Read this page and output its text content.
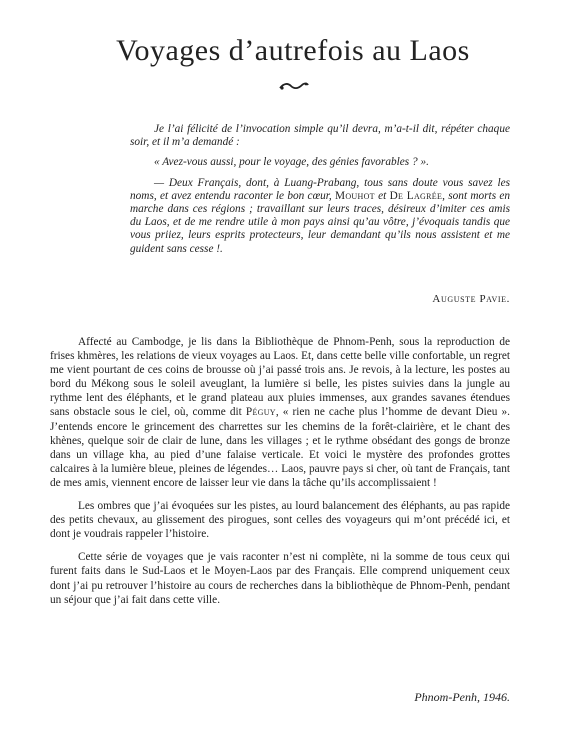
Voyages d’autrefois au Laos

Je l’ai félicité de l’invocation simple qu’il devra, m’a-t-il dit, répéter chaque soir, et il m’a demandé :

« Avez-vous aussi, pour le voyage, des génies favorables ? ».

— Deux Français, dont, à Luang-Prabang, tous sans doute vous savez les noms, et avez entendu raconter le bon cœur, Mouhot et De Lagrée, sont morts en marche dans ces régions ; travaillant sur leurs traces, désireux d’imiter ces amis du Laos, et de me rendre utile à mon pays ainsi qu’au vôtre, j’évoquais tandis que vous priiez, leurs esprits protecteurs, leur demandant qu’ils nous assistent et me guident sans cesse !.

Auguste Pavie.

Affecté au Cambodge, je lis dans la Bibliothèque de Phnom-Penh, sous la reproduction de frises khmères, les relations de vieux voyages au Laos. Et, dans cette belle ville confortable, un regret me vient pourtant de ces coins de brousse où j’ai passé trois ans. Je revois, à la lecture, les postes au bord du Mékong sous le soleil aveuglant, la lumière si belle, les pistes suivies dans la jungle au rythme lent des éléphants, et le grand plateau aux pluies immenses, aux grandes savanes étendues sans obstacle sous le ciel, où, comme dit Péguy, « rien ne cache plus l’homme de devant Dieu ». J’entends encore le grincement des charrettes sur les chemins de la forêt-clairière, et le chant des khènes, quelque soir de clair de lune, dans les villages ; et le rythme obsédant des gongs de bronze dans un village kha, au pied d’une falaise verticale. Et voici le mystère des profondes grottes calcaires à la lumière bleue, pleines de légendes… Laos, pauvre pays si cher, où tant de Français, tant de mes amis, viennent encore de laisser leur vie dans la tâche qu’ils accomplissaient !

Les ombres que j’ai évoquées sur les pistes, au lourd balancement des éléphants, au pas rapide des petits chevaux, au glissement des pirogues, sont celles des voyageurs qui m’ont précédé ici, et dont je voudrais rappeler l’histoire.

Cette série de voyages que je vais raconter n’est ni complète, ni la somme de tous ceux qui furent faits dans le Sud-Laos et le Moyen-Laos par des Français. Elle comprend uniquement ceux dont j’ai pu retrouver l’histoire au cours de recherches dans la bibliothèque de Phnom-Penh, pendant un séjour que j’ai fait dans cette ville.

Phnom-Penh, 1946.
